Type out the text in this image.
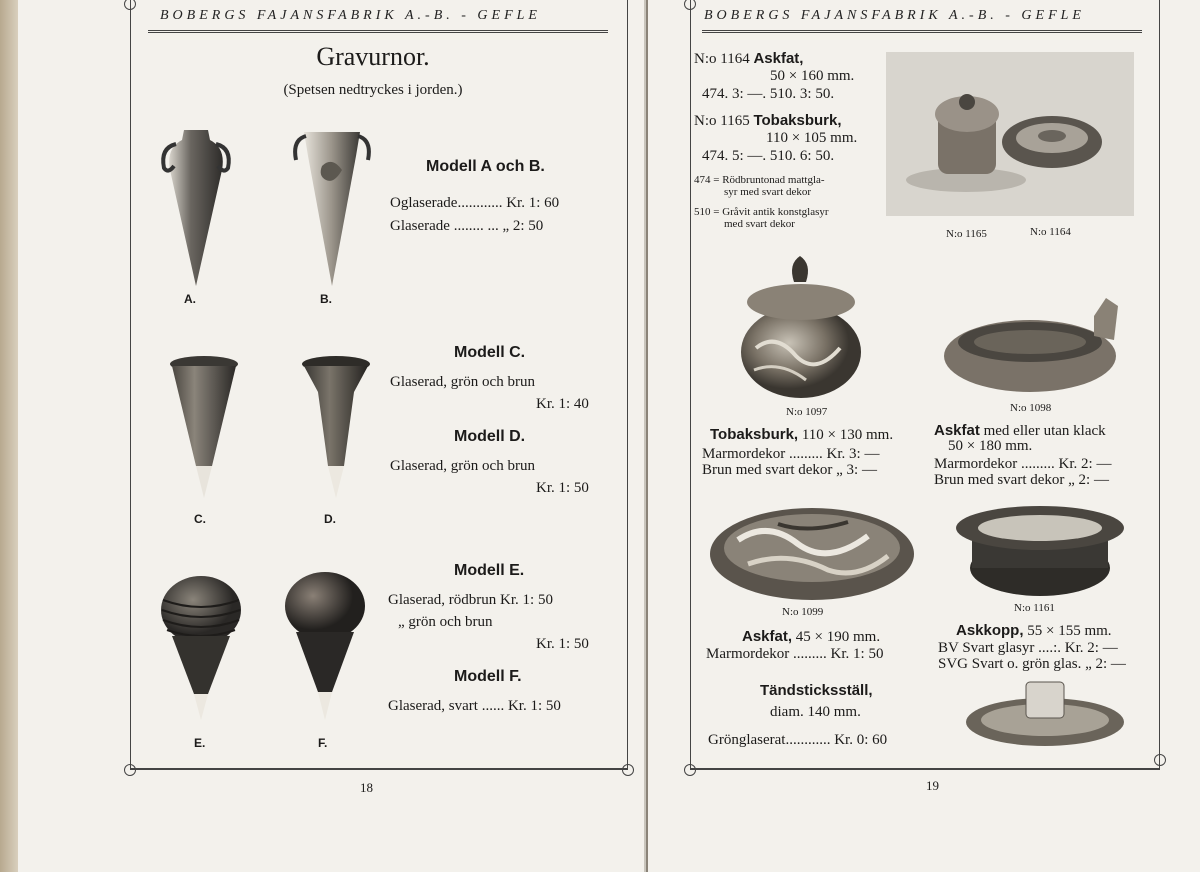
BOBERGS FAJANSFABRIK A.-B. - GEFLE
Gravurnor.
(Spetsen nedtryckes i jorden.)
A.	B.
Modell A och B.
Oglaserade............ Kr. 1: 60
Glaserade ........ ... „ 2: 50
C.	D.
Modell C.
Glaserad, grön och brun
Kr. 1: 40
Modell D.
Glaserad, grön och brun
Kr. 1: 50
E.	F.
Modell E.
Glaserad, rödbrun Kr. 1: 50
„ grön och brun
Kr. 1: 50
Modell F.
Glaserad, svart ...... Kr. 1: 50
18
BOBERGS FAJANSFABRIK A.-B. - GEFLE
N:o 1164 Askfat,
50 × 160 mm.
474. 3: —. 510. 3: 50.
N:o 1165 Tobaksburk,
110 × 105 mm.
474. 5: —. 510. 6: 50.
474 = Rödbruntonad mattgla-
syr med svart dekor
510 = Gråvit antik konstglasyr
med svart dekor
N:o 1165	N:o 1164
N:o 1097	N:o 1098
Tobaksburk, 110 × 130 mm.
Marmordekor ......... Kr. 3: —
Brun med svart dekor „ 3: —
Askfat med eller utan klack
50 × 180 mm.
Marmordekor ......... Kr. 2: —
Brun med svart dekor „ 2: —
N:o 1099	N:o 1161
Askfat, 45 × 190 mm.
Marmordekor ......... Kr. 1: 50
Askkopp, 55 × 155 mm.
BV Svart glasyr ....:. Kr. 2: —
SVG Svart o. grön glas. „ 2: —
Tändsticksställ,
diam. 140 mm.
Grönglaserat............ Kr. 0: 60
19
